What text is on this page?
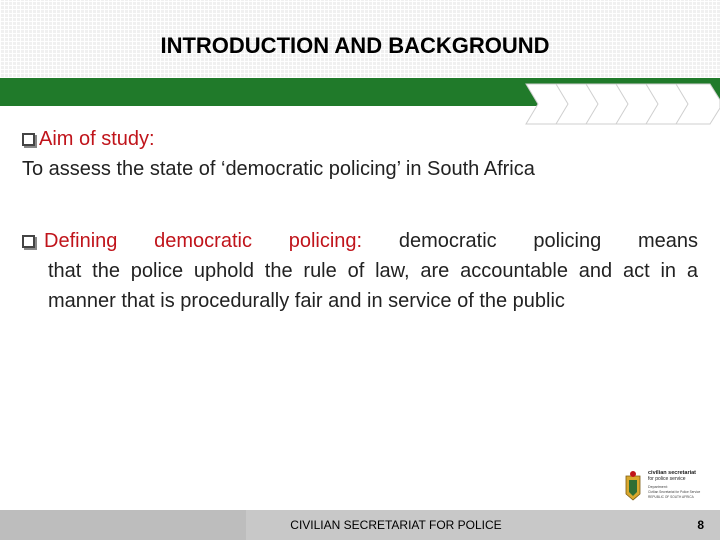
INTRODUCTION AND BACKGROUND
Aim of study:
To assess the state of ‘democratic policing’ in South Africa
Defining democratic policing: democratic policing means
that the police uphold the rule of law, are accountable and act in a manner that is procedurally fair and in service of the public
civilian secretariat
for police service
Department:
Civilian Secretariat for Police Service
REPUBLIC OF SOUTH AFRICA
CIVILIAN SECRETARIAT FOR POLICE	8
